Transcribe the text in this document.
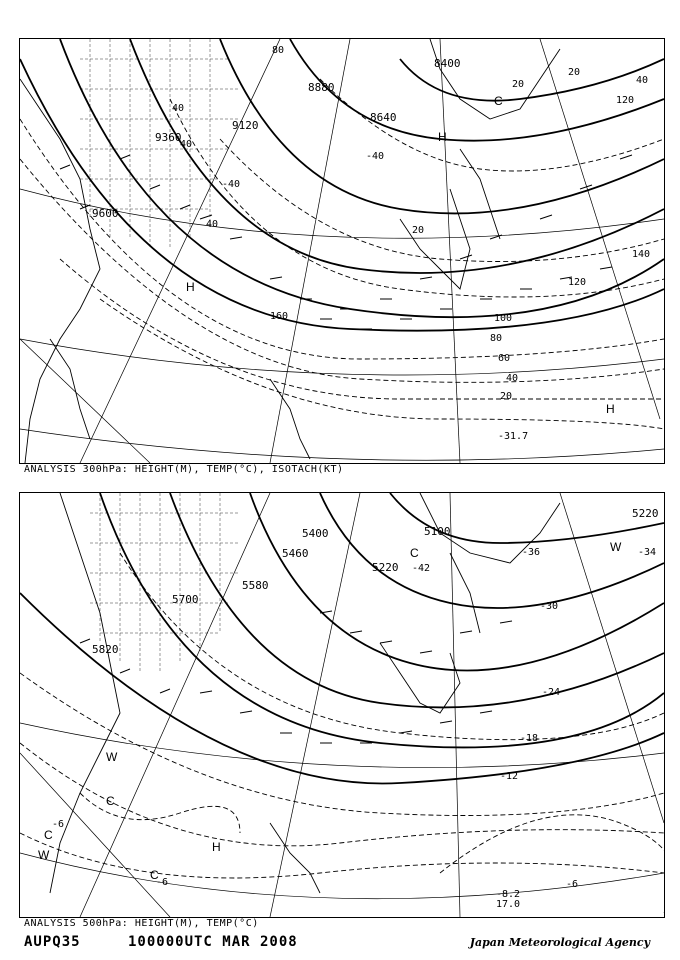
8400
8880
8640
9120
9360
9600
80
40
40
40
140
160
120
100
80
60
40
20
20
20
20
120
40
-40
-40
C
H
H
H
-31.7
ANALYSIS 300hPa: HEIGHT(M), TEMP(°C), ISOTACH(KT)
5400	5100
5220
5580
5700
5820
5220
5460
-42
-36	-34
-30
-24
-18
-12
-6
-6
-6
C
W
C
W
H
C
C
W
-8.2
17.0
ANALYSIS 500hPa: HEIGHT(M), TEMP(°C)
AUPQ35	100000UTC MAR 2008	Japan Meteorological Agency
